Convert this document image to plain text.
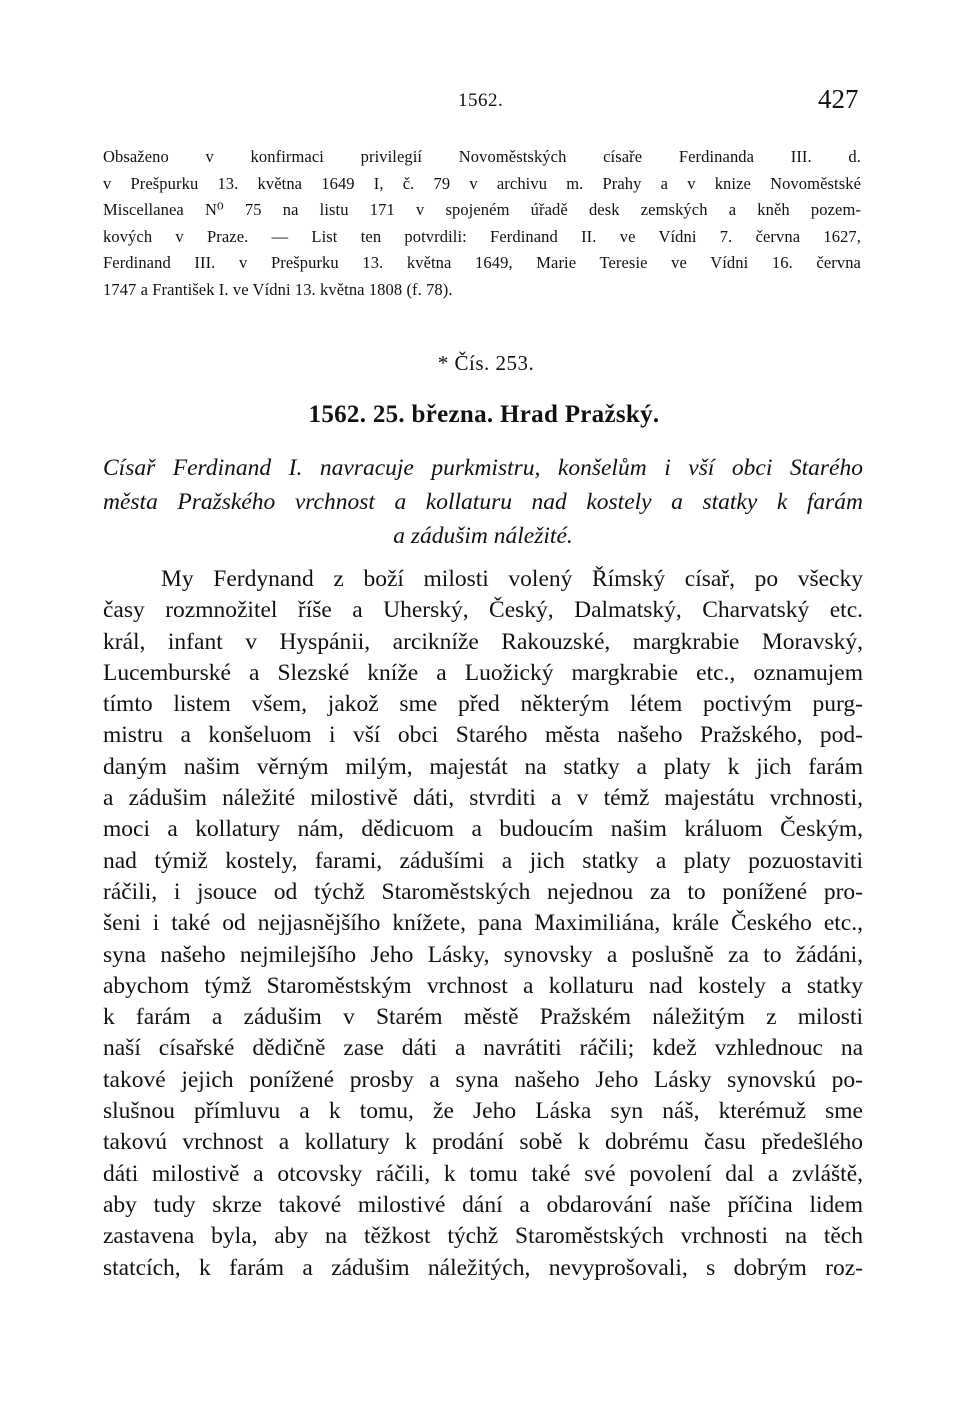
1562.	427
Obsaženo v konfirmaci privilegií Novoměstských císaře Ferdinanda III. d.
v Prešpurku 13. května 1649 I, č. 79 v archivu m. Prahy a v knize Novoměstské
Miscellanea N⁰ 75 na listu 171 v spojeném úřadě desk zemských a kněh pozem-
kových v Praze. — List ten potvrdili: Ferdinand II. ve Vídni 7. června 1627,
Ferdinand III. v Prešpurku 13. května 1649, Marie Teresie ve Vídni 16. června
1747 a František I. ve Vídni 13. května 1808 (f. 78).
* Čís. 253.
1562. 25. března. Hrad Pražský.
Císař Ferdinand I. navracuje purkmistru, konšelům i vší obci Starého
města Pražského vrchnost a kollaturu nad kostely a statky k farám
a zádušim náležité.
My Ferdynand z boží milosti volený Římský císař, po všecky
časy rozmnožitel říše a Uherský, Český, Dalmatský, Charvatský etc.
král, infant v Hyspánii, arcikníže Rakouzské, margkrabie Moravský,
Lucemburské a Slezské kníže a Luožický margkrabie etc., oznamujem
tímto listem všem, jakož sme před některým létem poctivým purg-
mistru a konšeluom i vší obci Starého města našeho Pražského, pod-
daným našim věrným milým, majestát na statky a platy k jich farám
a zádušim náležité milostivě dáti, stvrditi a v témž majestátu vrchnosti,
moci a kollatury nám, dědicuom a budoucím našim králuom Českým,
nad týmiž kostely, farami, zádušími a jich statky a platy pozuostaviti
ráčili, i jsouce od týchž Staroměstských nejednou za to ponížené pro-
šeni i také od nejjasnějšího knížete, pana Maximiliána, krále Českého etc.,
syna našeho nejmilejšího Jeho Lásky, synovsky a poslušně za to žádáni,
abychom týmž Staroměstským vrchnost a kollaturu nad kostely a statky
k farám a zádušim v Starém městě Pražském náležitým z milosti
naší císařské dědičně zase dáti a navrátiti ráčili; kdež vzhlednouc na
takové jejich ponížené prosby a syna našeho Jeho Lásky synovskú po-
slušnou přímluvu a k tomu, že Jeho Láska syn náš, kterémuž sme
takovú vrchnost a kollatury k prodání sobě k dobrému času předešlého
dáti milostivě a otcovsky ráčili, k tomu také své povolení dal a zvláště,
aby tudy skrze takové milostivé dání a obdarování naše příčina lidem
zastavena byla, aby na těžkost týchž Staroměstských vrchnosti na těch
statcích, k farám a zádušim náležitých, nevyprošovali, s dobrým roz-
